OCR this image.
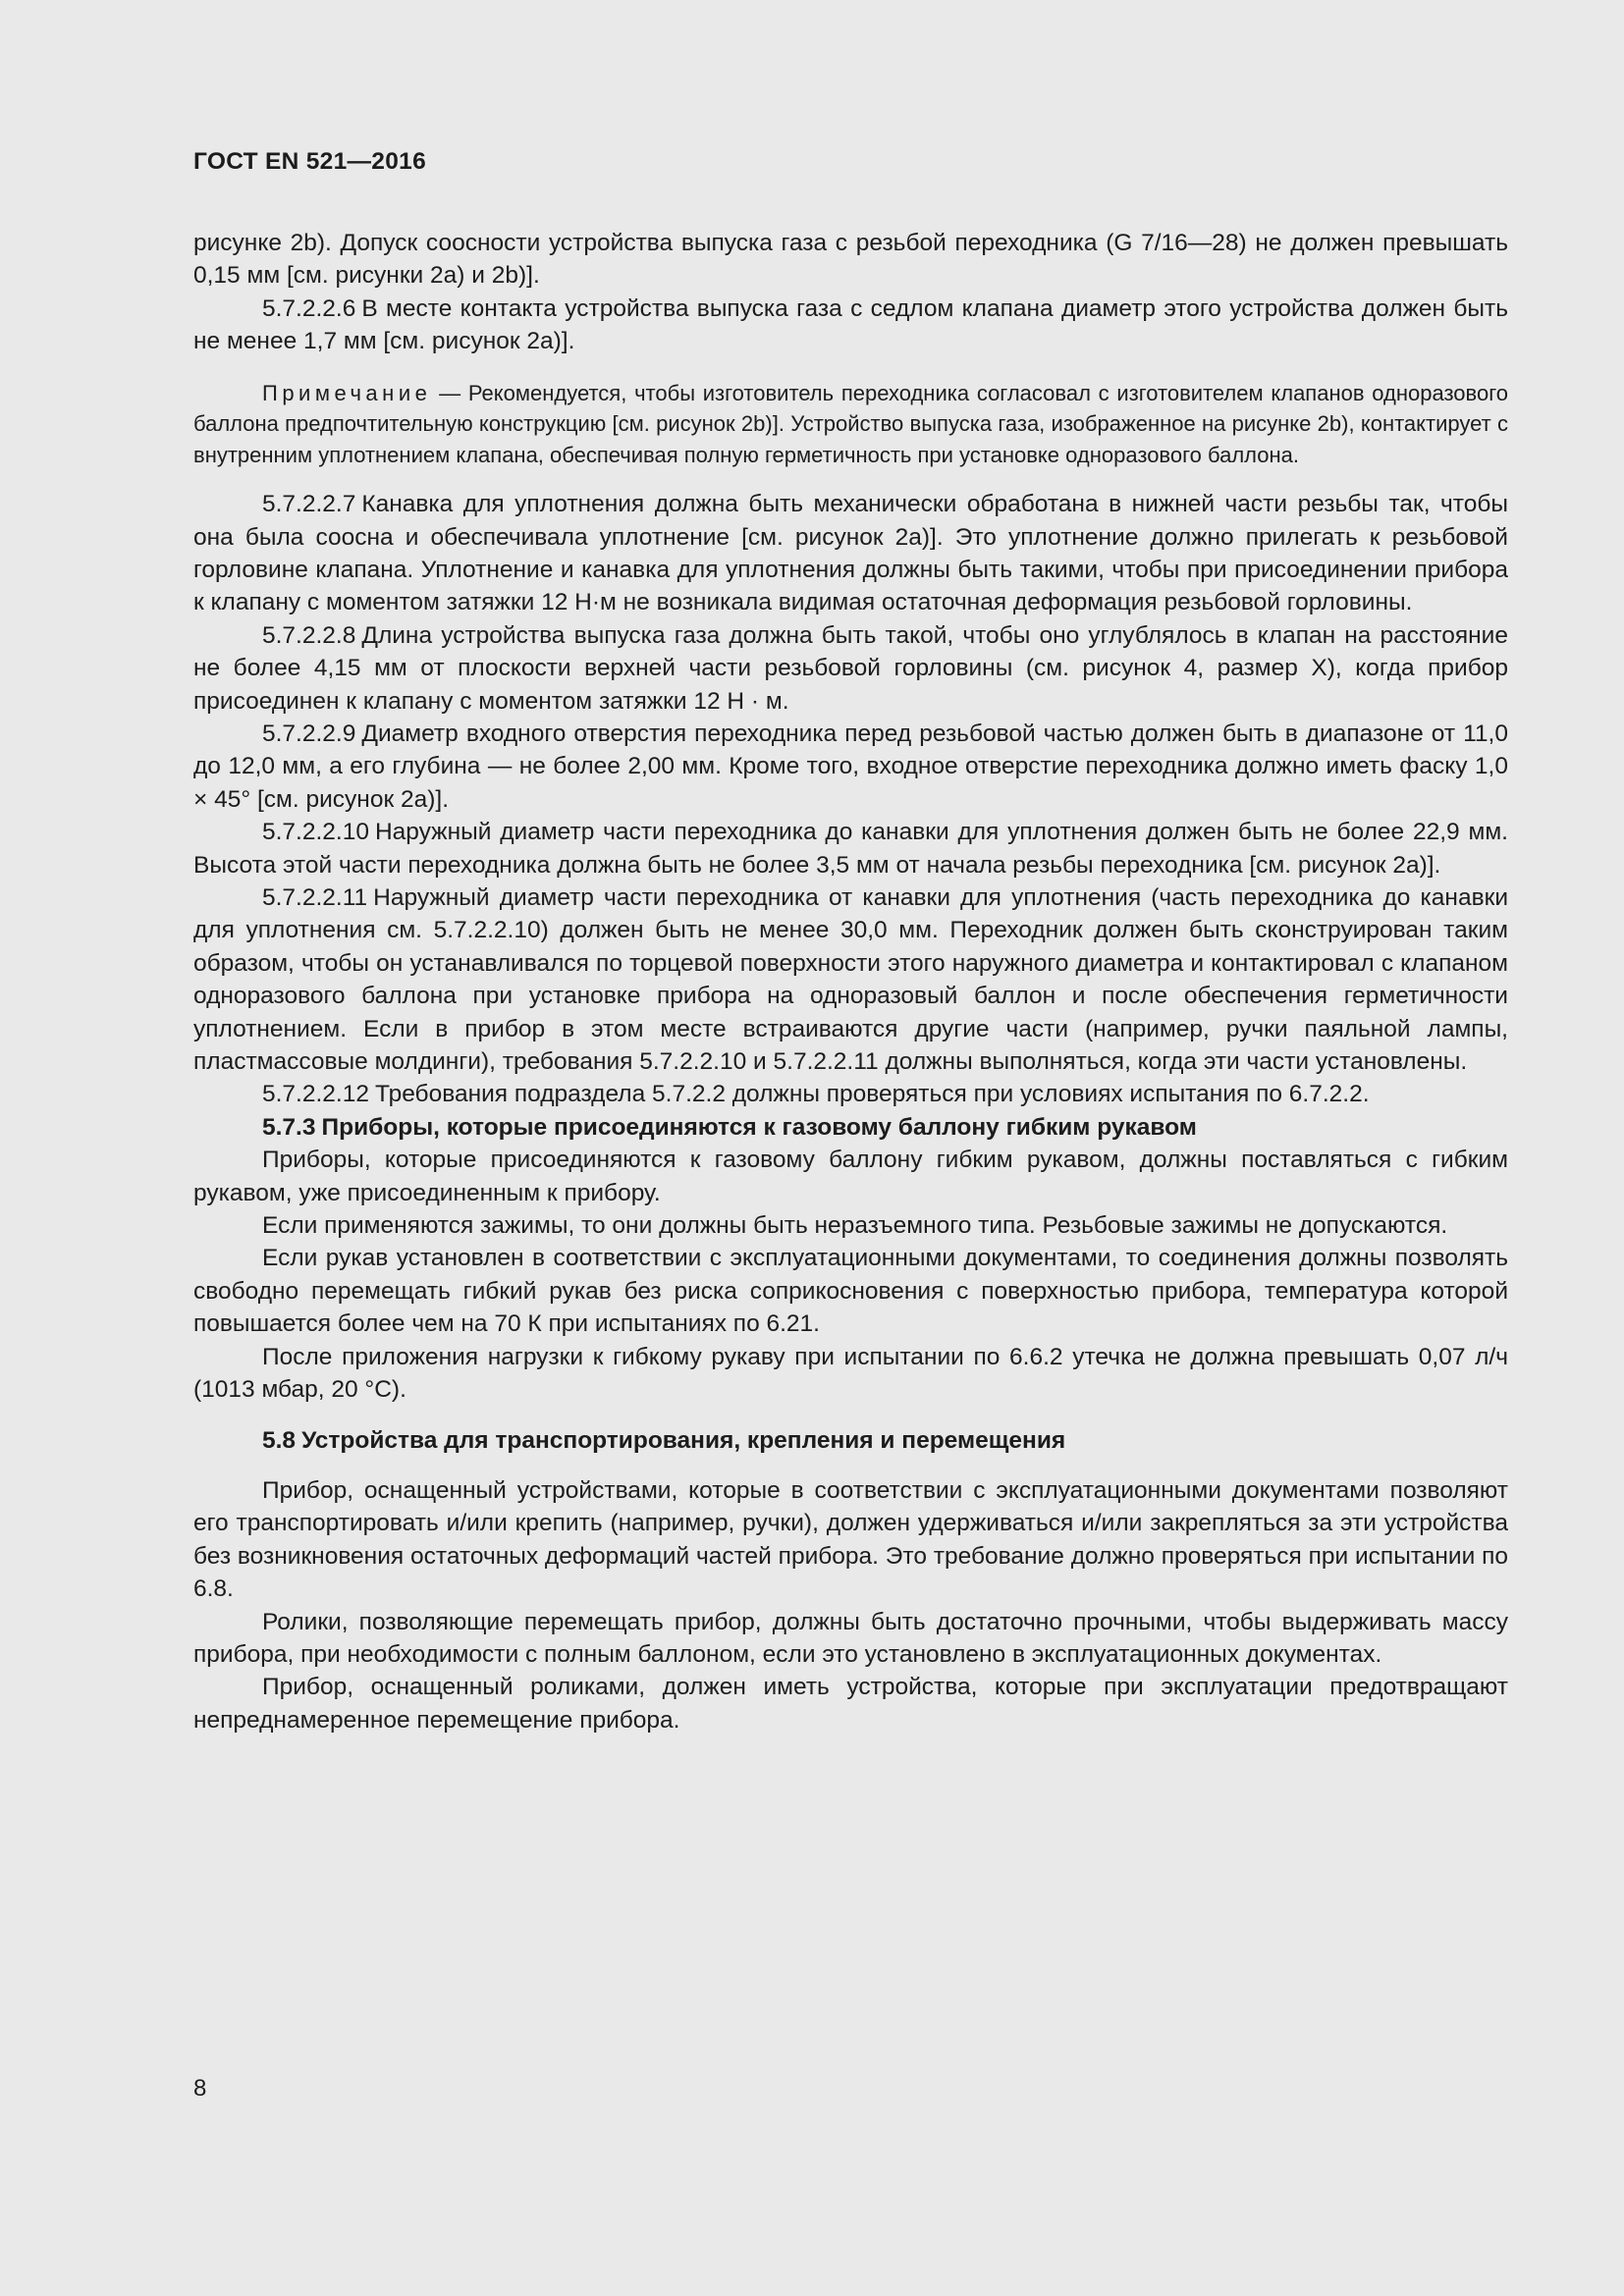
ГОСТ EN 521—2016

рисунке 2b). Допуск соосности устройства выпуска газа с резьбой переходника (G 7/16—28) не должен превышать 0,15 мм [см. рисунки 2a) и 2b)].

5.7.2.2.6 В месте контакта устройства выпуска газа с седлом клапана диаметр этого устройства должен быть не менее 1,7 мм [см. рисунок 2a)].

Примечание — Рекомендуется, чтобы изготовитель переходника согласовал с изготовителем клапанов одноразового баллона предпочтительную конструкцию [см. рисунок 2b)]. Устройство выпуска газа, изображенное на рисунке 2b), контактирует с внутренним уплотнением клапана, обеспечивая полную герметичность при установке одноразового баллона.

5.7.2.2.7 Канавка для уплотнения должна быть механически обработана в нижней части резьбы так, чтобы она была соосна и обеспечивала уплотнение [см. рисунок 2a)]. Это уплотнение должно прилегать к резьбовой горловине клапана. Уплотнение и канавка для уплотнения должны быть такими, чтобы при присоединении прибора к клапану с моментом затяжки 12 Н·м не возникала видимая остаточная деформация резьбовой горловины.

5.7.2.2.8 Длина устройства выпуска газа должна быть такой, чтобы оно углублялось в клапан на расстояние не более 4,15 мм от плоскости верхней части резьбовой горловины (см. рисунок 4, размер X), когда прибор присоединен к клапану с моментом затяжки 12 Н · м.

5.7.2.2.9 Диаметр входного отверстия переходника перед резьбовой частью должен быть в диапазоне от 11,0 до 12,0 мм, а его глубина — не более 2,00 мм. Кроме того, входное отверстие переходника должно иметь фаску 1,0 × 45° [см. рисунок 2a)].

5.7.2.2.10 Наружный диаметр части переходника до канавки для уплотнения должен быть не более 22,9 мм. Высота этой части переходника должна быть не более 3,5 мм от начала резьбы переходника [см. рисунок 2a)].

5.7.2.2.11 Наружный диаметр части переходника от канавки для уплотнения (часть переходника до канавки для уплотнения см. 5.7.2.2.10) должен быть не менее 30,0 мм. Переходник должен быть сконструирован таким образом, чтобы он устанавливался по торцевой поверхности этого наружного диаметра и контактировал с клапаном одноразового баллона при установке прибора на одноразовый баллон и после обеспечения герметичности уплотнением. Если в прибор в этом месте встраиваются другие части (например, ручки паяльной лампы, пластмассовые молдинги), требования 5.7.2.2.10 и 5.7.2.2.11 должны выполняться, когда эти части установлены.

5.7.2.2.12 Требования подраздела 5.7.2.2 должны проверяться при условиях испытания по 6.7.2.2.

5.7.3 Приборы, которые присоединяются к газовому баллону гибким рукавом

Приборы, которые присоединяются к газовому баллону гибким рукавом, должны поставляться с гибким рукавом, уже присоединенным к прибору.

Если применяются зажимы, то они должны быть неразъемного типа. Резьбовые зажимы не допускаются.

Если рукав установлен в соответствии с эксплуатационными документами, то соединения должны позволять свободно перемещать гибкий рукав без риска соприкосновения с поверхностью прибора, температура которой повышается более чем на 70 К при испытаниях по 6.21.

После приложения нагрузки к гибкому рукаву при испытании по 6.6.2 утечка не должна превышать 0,07 л/ч (1013 мбар, 20 °C).

5.8 Устройства для транспортирования, крепления и перемещения

Прибор, оснащенный устройствами, которые в соответствии с эксплуатационными документами позволяют его транспортировать и/или крепить (например, ручки), должен удерживаться и/или закрепляться за эти устройства без возникновения остаточных деформаций частей прибора. Это требование должно проверяться при испытании по 6.8.

Ролики, позволяющие перемещать прибор, должны быть достаточно прочными, чтобы выдерживать массу прибора, при необходимости с полным баллоном, если это установлено в эксплуатационных документах.

Прибор, оснащенный роликами, должен иметь устройства, которые при эксплуатации предотвращают непреднамеренное перемещение прибора.

8
